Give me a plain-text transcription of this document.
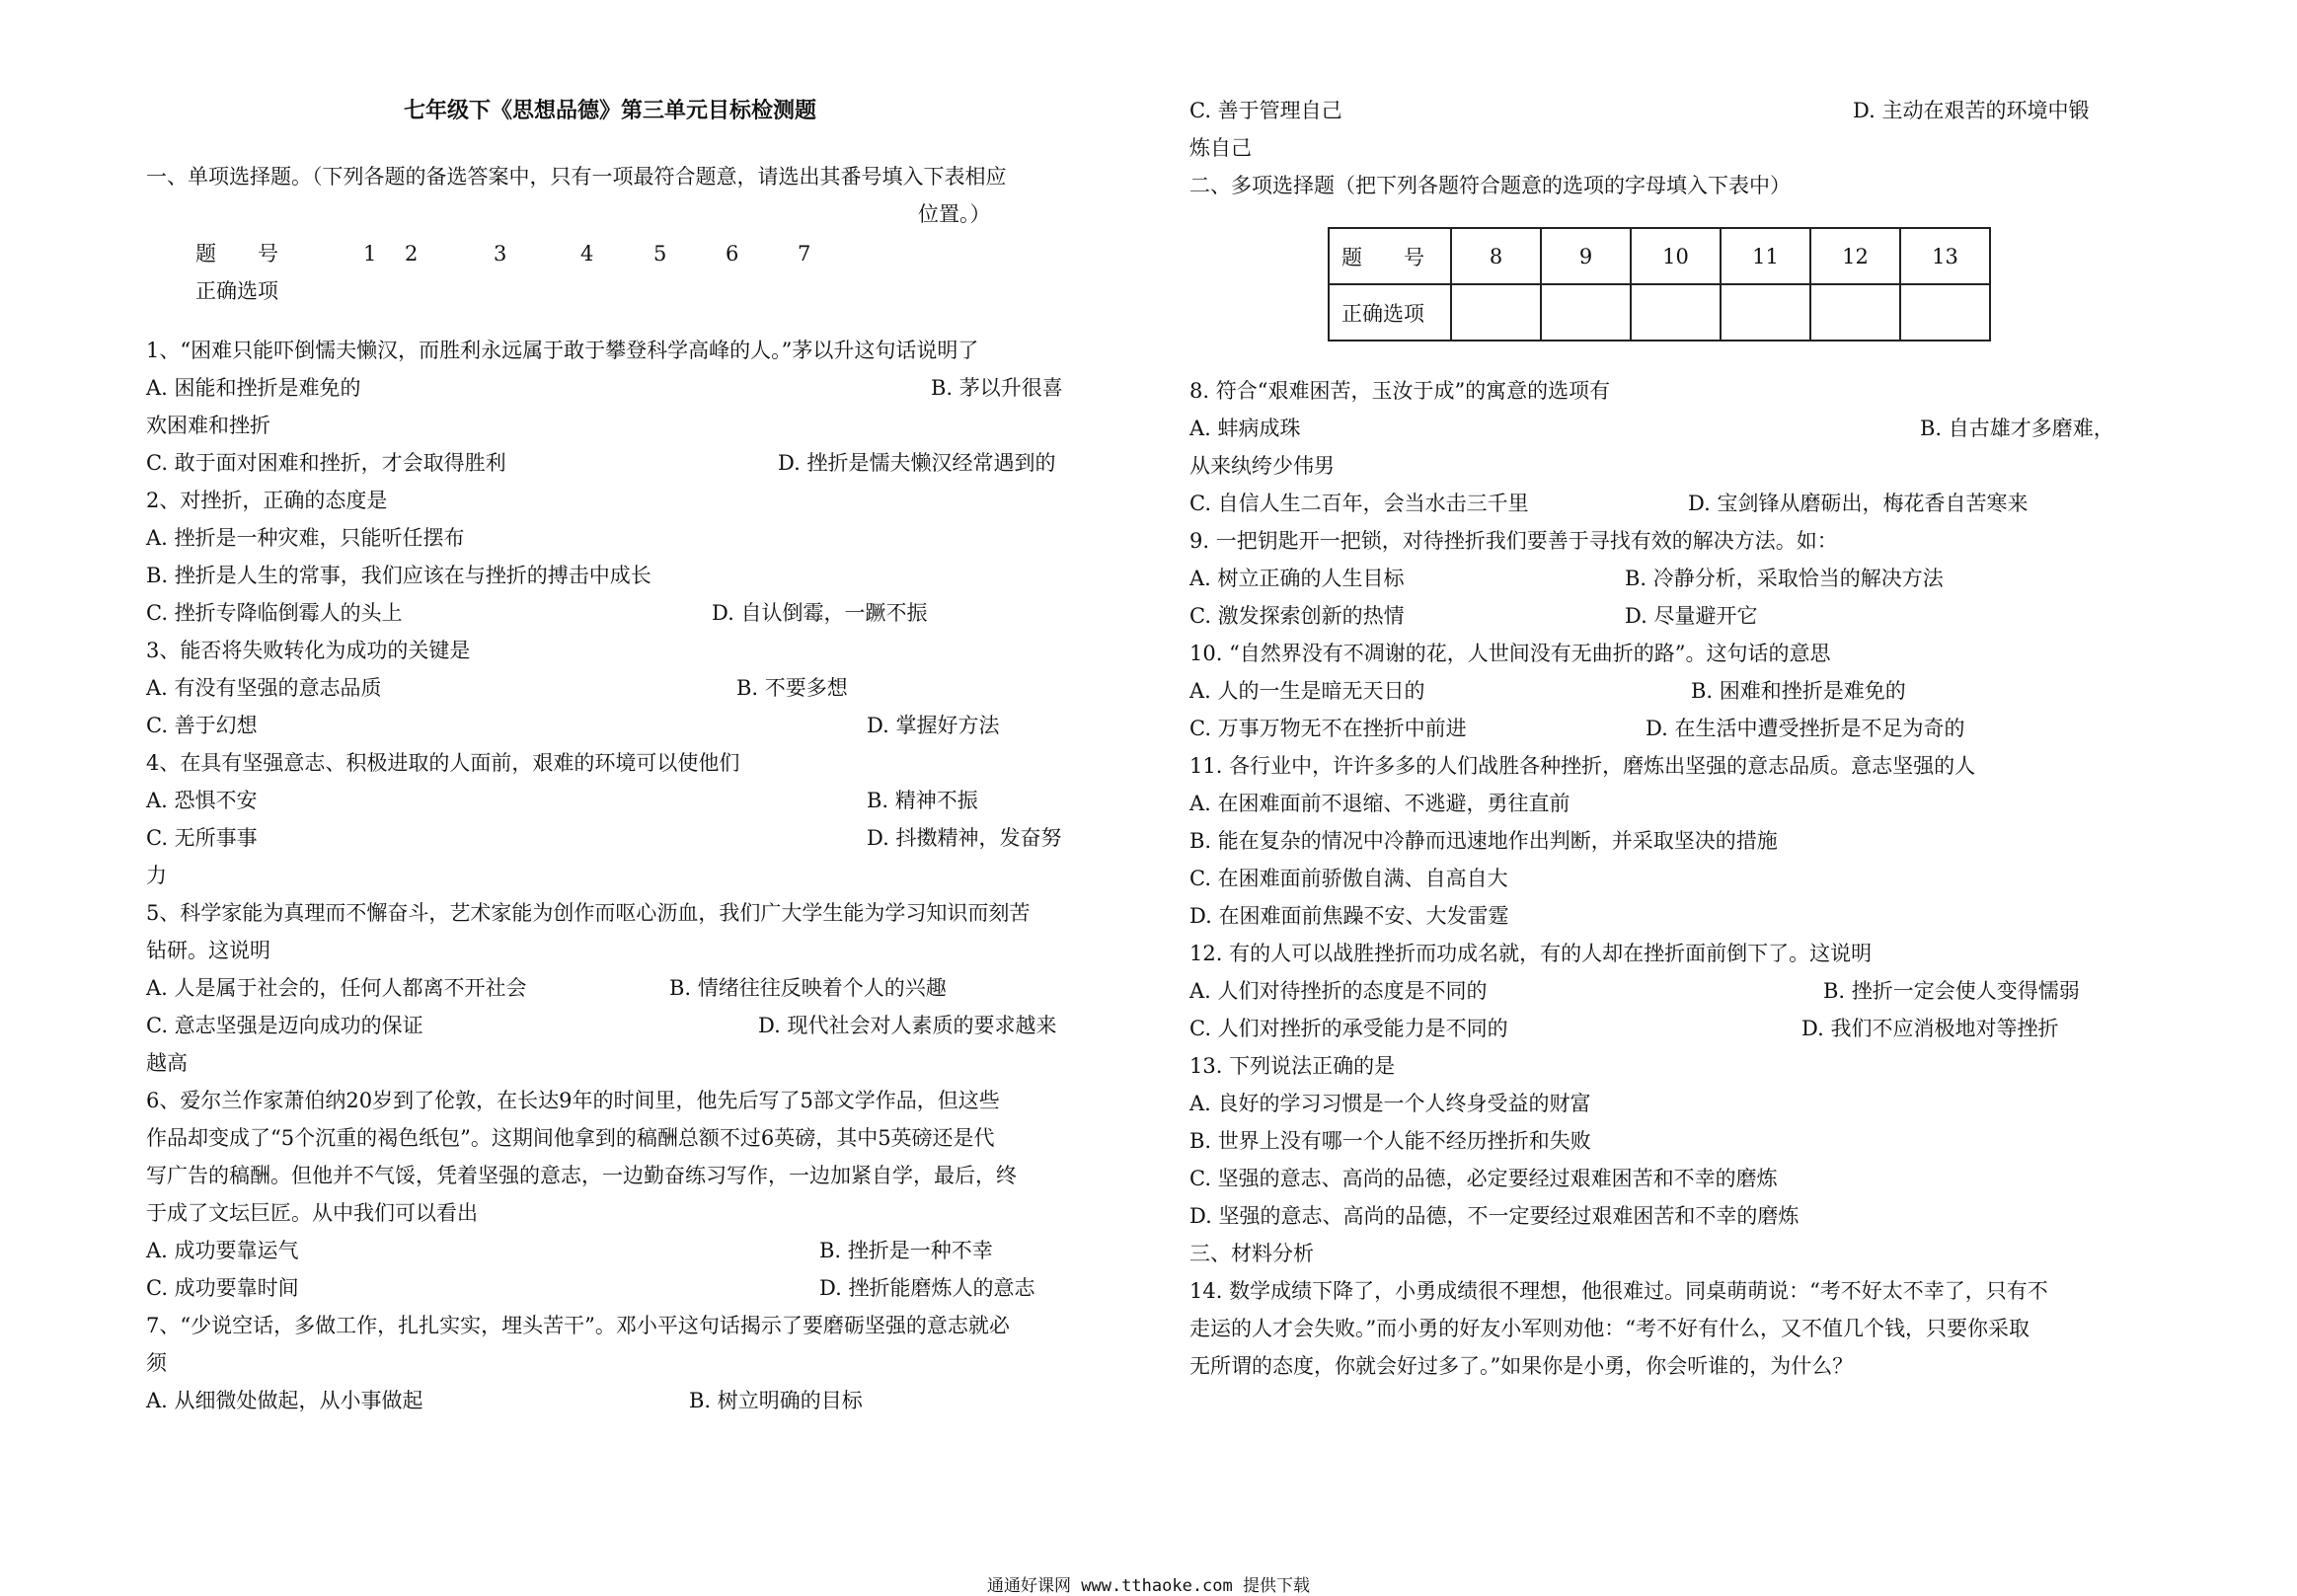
七年级下《思想品德》第三单元目标检测题
一、单项选择题。（下列各题的备选答案中，只有一项最符合题意，请选出其番号填入下表相应
位置。）
题　　号	1 2	3	4	5	6	7
正确选项
1、“困难只能吓倒懦夫懒汉，而胜利永远属于敢于攀登科学高峰的人。”茅以升这句话说明了
A. 困能和挫折是难免的	B. 茅以升很喜
欢困难和挫折
C. 敢于面对困难和挫折，才会取得胜利	D. 挫折是懦夫懒汉经常遇到的
2、对挫折，正确的态度是
A. 挫折是一种灾难，只能听任摆布
B. 挫折是人生的常事，我们应该在与挫折的搏击中成长
C. 挫折专降临倒霉人的头上	D. 自认倒霉，一蹶不振
3、能否将失败转化为成功的关键是
A. 有没有坚强的意志品质	B. 不要多想
C. 善于幻想	D. 掌握好方法
4、在具有坚强意志、积极进取的人面前，艰难的环境可以使他们
A. 恐惧不安	B. 精神不振
C. 无所事事	D. 抖擞精神，发奋努
力
5、科学家能为真理而不懈奋斗，艺术家能为创作而呕心沥血，我们广大学生能为学习知识而刻苦
钻研。这说明
A. 人是属于社会的，任何人都离不开社会	B. 情绪往往反映着个人的兴趣
C. 意志坚强是迈向成功的保证	D. 现代社会对人素质的要求越来
越高
6、爱尔兰作家萧伯纳20岁到了伦敦，在长达9年的时间里，他先后写了5部文学作品，但这些
作品却变成了“5个沉重的褐色纸包”。这期间他拿到的稿酬总额不过6英磅，其中5英磅还是代
写广告的稿酬。但他并不气馁，凭着坚强的意志，一边勤奋练习写作，一边加紧自学，最后，终
于成了文坛巨匠。从中我们可以看出
A. 成功要靠运气	B. 挫折是一种不幸
C. 成功要靠时间	D. 挫折能磨炼人的意志
7、“少说空话，多做工作，扎扎实实，埋头苦干”。邓小平这句话揭示了要磨砺坚强的意志就必
须
A. 从细微处做起，从小事做起	B. 树立明确的目标
C. 善于管理自己	D. 主动在艰苦的环境中锻
炼自己
二、多项选择题（把下列各题符合题意的选项的字母填入下表中）
题　　号	8	9	10	11	12	13
正确选项						
8. 符合“艰难困苦，玉汝于成”的寓意的选项有
A. 蚌病成珠	B. 自古雄才多磨难，
从来纨绔少伟男
C. 自信人生二百年，会当水击三千里	D. 宝剑锋从磨砺出，梅花香自苦寒来
9. 一把钥匙开一把锁，对待挫折我们要善于寻找有效的解决方法。如：
A. 树立正确的人生目标	B. 冷静分析，采取恰当的解决方法
C. 激发探索创新的热情	D. 尽量避开它
10. “自然界没有不凋谢的花，人世间没有无曲折的路”。这句话的意思
A. 人的一生是暗无天日的	B. 困难和挫折是难免的
C. 万事万物无不在挫折中前进	D. 在生活中遭受挫折是不足为奇的
11. 各行业中，许许多多的人们战胜各种挫折，磨炼出坚强的意志品质。意志坚强的人
A. 在困难面前不退缩、不逃避，勇往直前
B. 能在复杂的情况中冷静而迅速地作出判断，并采取坚决的措施
C. 在困难面前骄傲自满、自高自大
D. 在困难面前焦躁不安、大发雷霆
12. 有的人可以战胜挫折而功成名就，有的人却在挫折面前倒下了。这说明
A. 人们对待挫折的态度是不同的	B. 挫折一定会使人变得懦弱
C. 人们对挫折的承受能力是不同的	D. 我们不应消极地对等挫折
13. 下列说法正确的是
A. 良好的学习习惯是一个人终身受益的财富
B. 世界上没有哪一个人能不经历挫折和失败
C. 坚强的意志、高尚的品德，必定要经过艰难困苦和不幸的磨炼
D. 坚强的意志、高尚的品德，不一定要经过艰难困苦和不幸的磨炼
三、材料分析
14. 数学成绩下降了，小勇成绩很不理想，他很难过。同桌萌萌说：“考不好太不幸了，只有不
走运的人才会失败。”而小勇的好友小军则劝他：“考不好有什么，又不值几个钱，只要你采取
无所谓的态度，你就会好过多了。”如果你是小勇，你会听谁的，为什么？
通通好课网 www.tthaoke.com 提供下载
